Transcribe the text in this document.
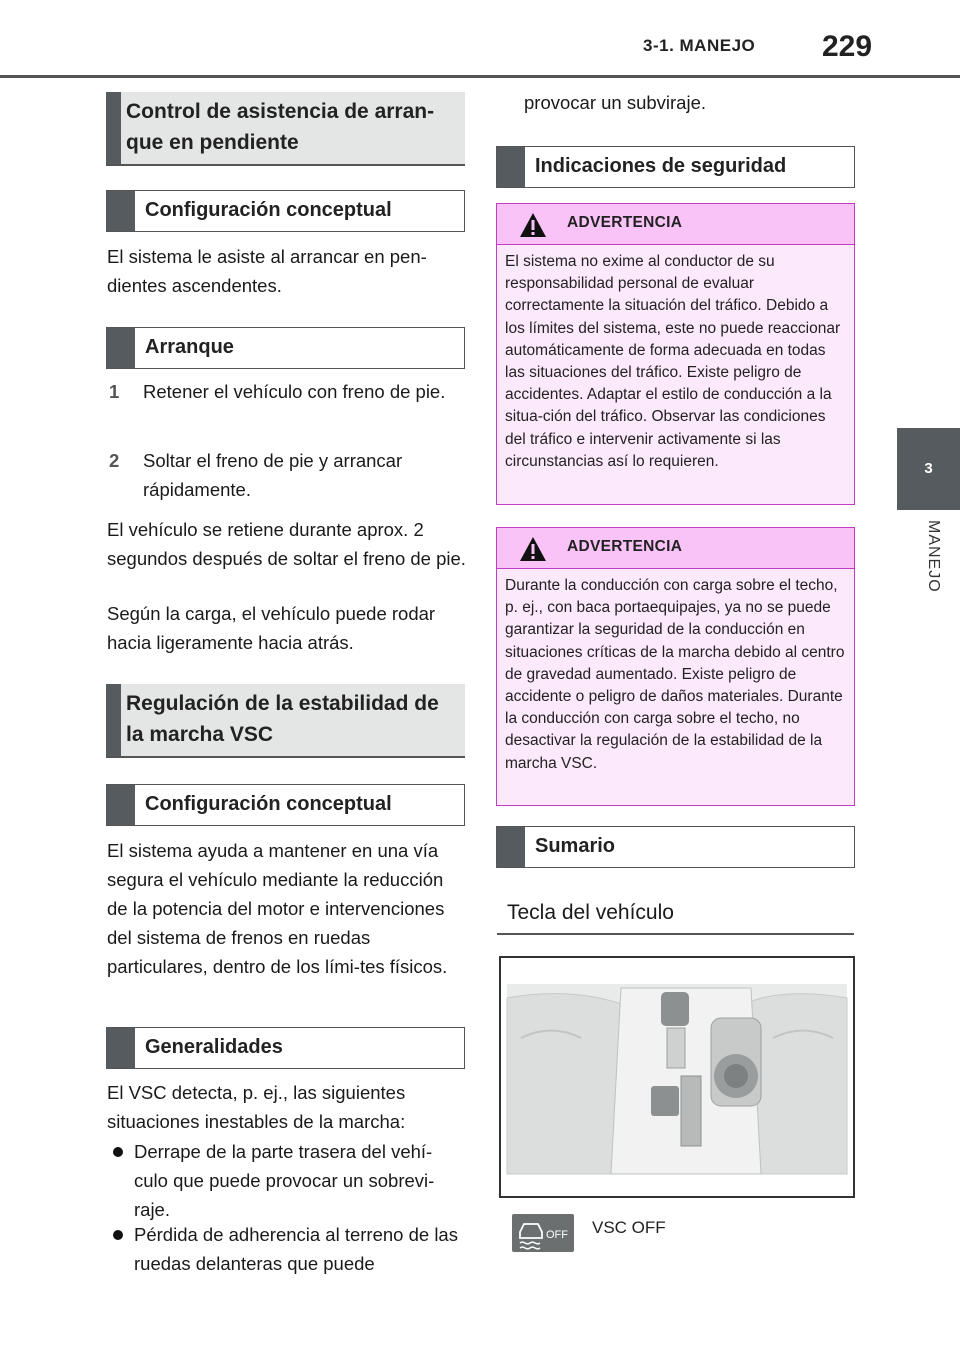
3-1. MANEJO 229
3
MANEJO
Control de asistencia de arran-que en pendiente
Configuración conceptual

El sistema le asiste al arrancar en pen-dientes ascendentes.

Arranque
1 Retener el vehículo con freno de pie.
2 Soltar el freno de pie y arrancar rápidamente.

El vehículo se retiene durante aprox. 2 segundos después de soltar el freno de pie.

Según la carga, el vehículo puede rodar hacia ligeramente hacia atrás.

Regulación de la estabilidad de la marcha VSC
Configuración conceptual

El sistema ayuda a mantener en una vía segura el vehículo mediante la reducción de la potencia del motor e intervenciones del sistema de frenos en ruedas particulares, dentro de los lími-tes físicos.

Generalidades

El VSC detecta, p. ej., las siguientes situaciones inestables de la marcha:

Derrape de la parte trasera del vehí-culo que puede provocar un sobrevi-raje.
Pérdida de adherencia al terreno de las ruedas delanteras que puede

provocar un subviraje.

Indicaciones de seguridad
ADVERTENCIA
El sistema no exime al conductor de su responsabilidad personal de evaluar correctamente la situación del tráfico. Debido a los límites del sistema, este no puede reaccionar automáticamente de forma adecuada en todas las situaciones del tráfico. Existe peligro de accidentes. Adaptar el estilo de conducción a la situa-ción del tráfico. Observar las condiciones del tráfico e intervenir activamente si las circunstancias así lo requieren.
ADVERTENCIA
Durante la conducción con carga sobre el techo, p. ej., con baca portaequipajes, ya no se puede garantizar la seguridad de la conducción en situaciones críticas de la marcha debido al centro de gravedad aumentado. Existe peligro de accidente o peligro de daños materiales. Durante la conducción con carga sobre el techo, no desactivar la regulación de la estabilidad de la marcha VSC.
Sumario
Tecla del vehículo
OFF VSC OFF
